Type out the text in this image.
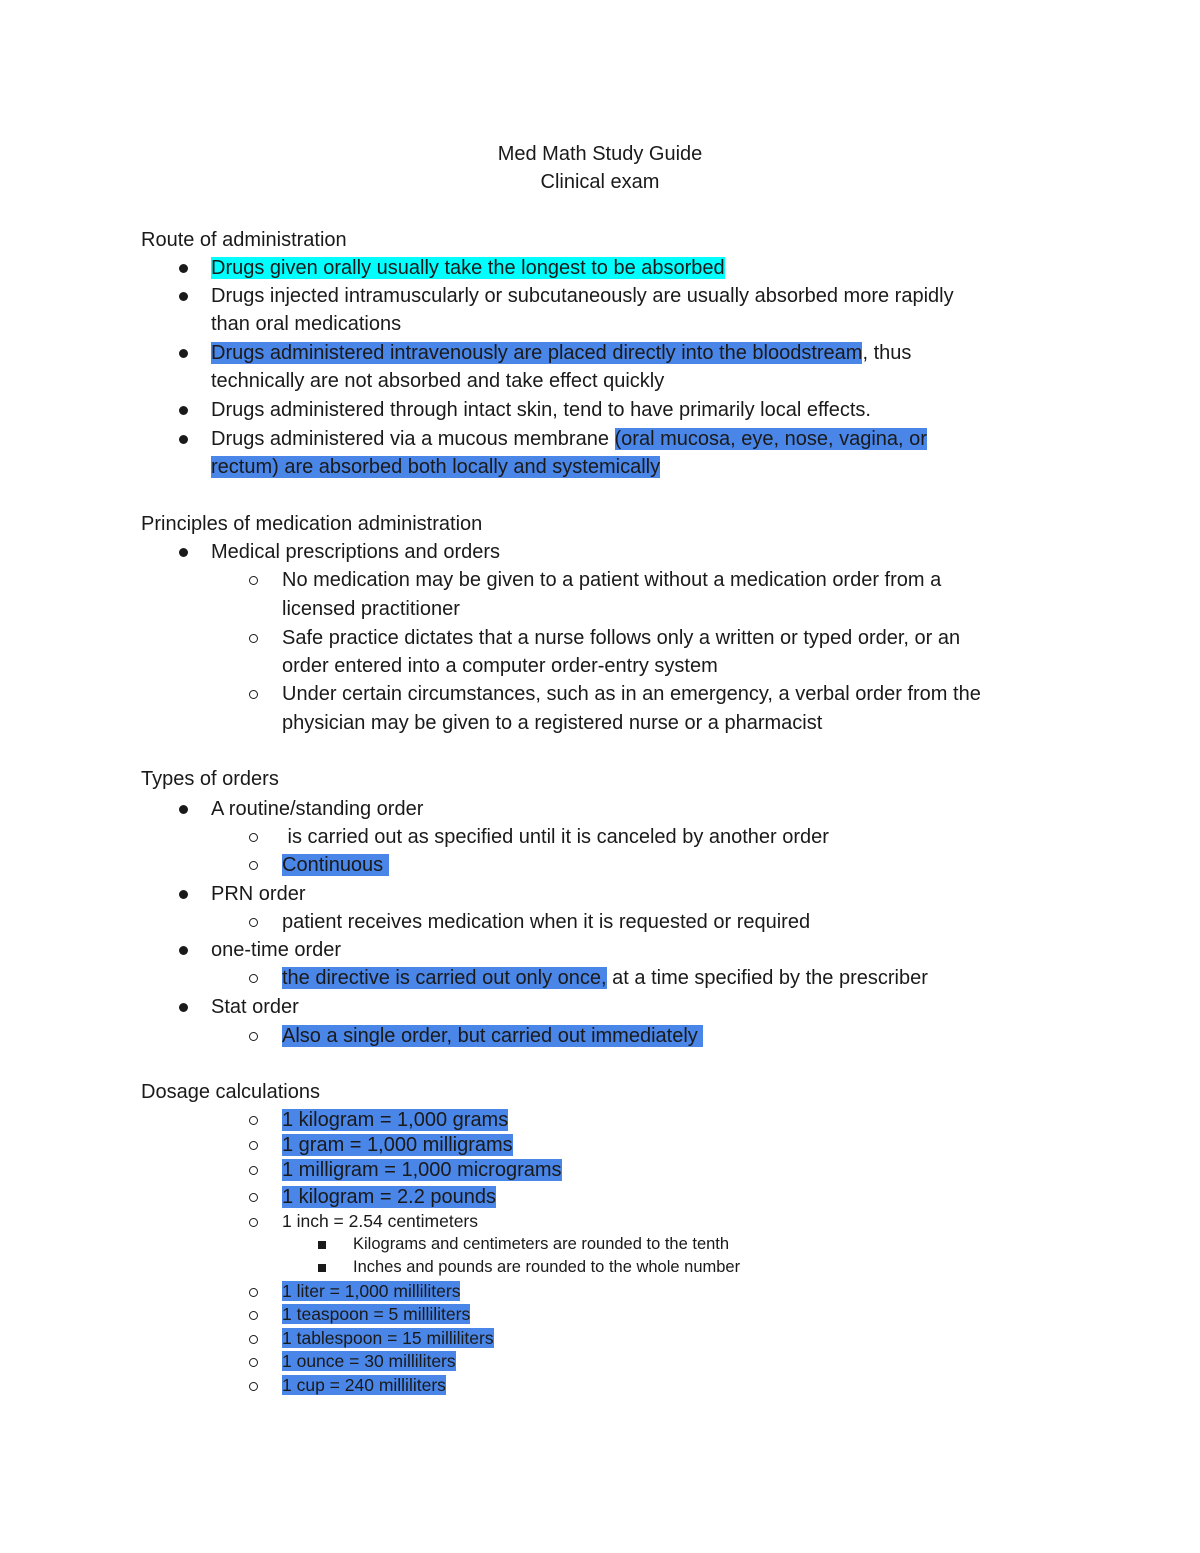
Med Math Study Guide
Clinical exam
Route of administration
Drugs given orally usually take the longest to be absorbed
Drugs injected intramuscularly or subcutaneously are usually absorbed more rapidly
than oral medications
Drugs administered intravenously are placed directly into the bloodstream, thus
technically are not absorbed and take effect quickly
Drugs administered through intact skin, tend to have primarily local effects.
Drugs administered via a mucous membrane (oral mucosa, eye, nose, vagina, or
rectum) are absorbed both locally and systemically
Principles of medication administration
Medical prescriptions and orders
No medication may be given to a patient without a medication order from a
licensed practitioner
Safe practice dictates that a nurse follows only a written or typed order, or an
order entered into a computer order-entry system
Under certain circumstances, such as in an emergency, a verbal order from the
physician may be given to a registered nurse or a pharmacist
Types of orders
A routine/standing order
is carried out as specified until it is canceled by another order
Continuous
PRN order
patient receives medication when it is requested or required
one-time order
the directive is carried out only once, at a time specified by the prescriber
Stat order
Also a single order, but carried out immediately
Dosage calculations
1 kilogram = 1,000 grams
1 gram = 1,000 milligrams
1 milligram = 1,000 micrograms
1 kilogram = 2.2 pounds
1 inch = 2.54 centimeters
Kilograms and centimeters are rounded to the tenth
Inches and pounds are rounded to the whole number
1 liter = 1,000 milliliters
1 teaspoon = 5 milliliters
1 tablespoon = 15 milliliters
1 ounce = 30 milliliters
1 cup = 240 milliliters
